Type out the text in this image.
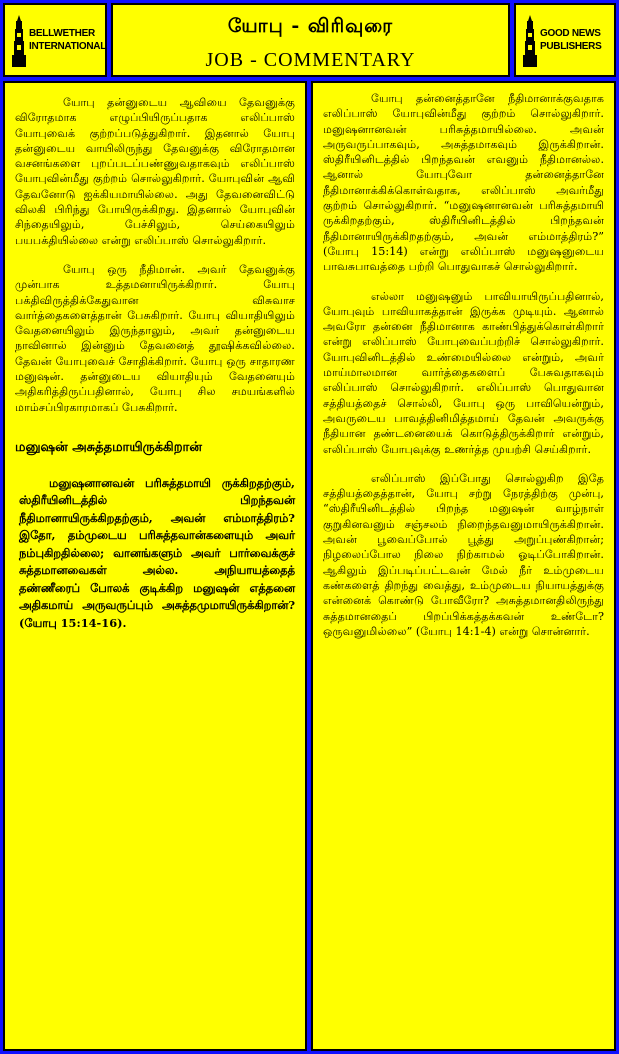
BELLWETHER
INTERNATIONAL
யோபு - விரிவுரை
JOB - COMMENTARY
GOOD NEWS
PUBLISHERS

யோபு தன்னுடைய ஆவியை தேவனுக்கு விரோதமாக எழுப்பியிருப்பதாக எலிப்பாஸ் யோபுவைக் குற்றப்படுத்துகிறார். இதனால் யோபு தன்னுடைய வாயிலிருந்து தேவனுக்கு விரோதமான வசனங்களை புறப்படப்பண்ணுவதாகவும் எலிப்பாஸ் யோபுவின்மீது குற்றம் சொல்லுகிறார். யோபுவின் ஆவி தேவனோடு ஐக்கியமாயில்லை. அது தேவனைவிட்டு விலகி பிரிந்து போயிருக்கிறது. இதனால் யோபுவின் சிந்தையிலும், பேச்சிலும், செய்கையிலும் பயபக்தியில்லை என்று எலிப்பாஸ் சொல்லுகிறார்.

யோபு ஒரு நீதிமான். அவர் தேவனுக்கு முன்பாக உத்தமனாயிருக்கிறார். யோபு பக்திவிருத்திக்கேதுவான விசுவாச வார்த்தைகளைத்தான் பேசுகிறார். யோபு வியாதியிலும் வேதனையிலும் இருந்தாலும், அவர் தன்னுடைய நாவினால் இன்னும் தேவனைத் தூஷிக்கவில்லை. தேவன் யோபுவைச் சோதிக்கிறார். யோபு ஒரு சாதாரண மனுஷன். தன்னுடைய வியாதியும் வேதனையும் அதிகரித்திருப்பதினால், யோபு சில சமயங்களில் மாம்சப்பிரகாரமாகப் பேசுகிறார்.

மனுஷன் அசுத்தமாயிருக்கிறான்
மனுஷனானவன் பரிசுத்தமாயி ருக்கிறதற்கும், ஸ்திரீயினிடத்தில் பிறந்தவன் நீதிமானாயிருக்கிறதற்கும், அவன் எம்மாத்திரம்? இதோ, தம்முடைய பரிசுத்தவான்களையும் அவர் நம்புகிறதில்லை; வானங்களும் அவர் பார்வைக்குச் சுத்தமானவைகள் அல்ல. அநியாயத்தைத் தண்ணீரைப் போலக் குடிக்கிற மனுஷன் எத்தனை அதிகமாய் அருவருப்பும் அசுத்தமுமாயிருக்கிறான்? (யோபு 15:14-16).

யோபு தன்னைத்தானே நீதிமானாக்குவதாக எலிப்பாஸ் யோபுவின்மீது குற்றம் சொல்லுகிறார். மனுஷனானவன் பரிசுத்தமாயில்லை. அவன் அருவருப்பாகவும், அசுத்தமாகவும் இருக்கிறான். ஸ்திரீயினிடத்தில் பிறந்தவன் எவனும் நீதிமானல்ல. ஆனால் யோபுவோ தன்னைத்தானே நீதிமானாக்கிக்கொள்வதாக, எலிப்பாஸ் அவர்மீது குற்றம் சொல்லுகிறார். “மனுஷனானவன் பரிசுத்தமாயி ருக்கிறதற்கும், ஸ்திரீயினிடத்தில் பிறந்தவன் நீதிமானாயிருக்கிறதற்கும், அவன் எம்மாத்திரம்?” (யோபு 15:14) என்று எலிப்பாஸ் மனுஷனுடைய பாவசுபாவத்தை பற்றி பொதுவாகச் சொல்லுகிறார்.

எல்லா மனுஷனும் பாவியாயிருப்பதினால், யோபுவும் பாவியாகத்தான் இருக்க முடியும். ஆனால் அவரோ தன்னை நீதிமானாக காண்பித்துக்கொள்கிறார் என்று எலிப்பாஸ் யோபுவைப்பற்றிச் சொல்லுகிறார். யோபுவினிடத்தில் உண்மையில்லை என்றும், அவர் மாய்மாலமான வார்த்தைகளைப் பேசுவதாகவும் எலிப்பாஸ் சொல்லுகிறார். எலிப்பாஸ் பொதுவான சத்தியத்தைச் சொல்லி, யோபு ஒரு பாவியென்றும், அவருடைய பாவத்தினிமித்தமாய் தேவன் அவருக்கு நீதியான தண்டனையைக் கொடுத்திருக்கிறார் என்றும், எலிப்பாஸ் யோபுவுக்கு உணர்த்த முயற்சி செய்கிறார்.

எலிப்பாஸ் இப்போது சொல்லுகிற இதே சத்தியத்தைத்தான், யோபு சற்று நேரத்திற்கு முன்பு, “ஸ்திரீயினிடத்தில் பிறந்த மனுஷன் வாழ்நாள் குறுகினவனும் சஞ்சலம் நிறைந்தவனுமாயிருக்கிறான். அவன் பூவைப்போல் பூத்து அறுப்புண்கிறான்; நிழலைப்போல நிலை நிற்காமல் ஓடிப்போகிறான். ஆகிலும் இப்படிப்பட்டவன் மேல் நீர் உம்முடைய கண்களைத் திறந்து வைத்து, உம்முடைய நியாயத்துக்கு என்னைக் கொண்டு போவீரோ? அசுத்தமானதிலிருந்து சுத்தமானதைப் பிறப்பிக்கத்தக்கவன் உண்டோ? ஒருவனுமில்லை” (யோபு 14:1-4) என்று சொன்னார்.
